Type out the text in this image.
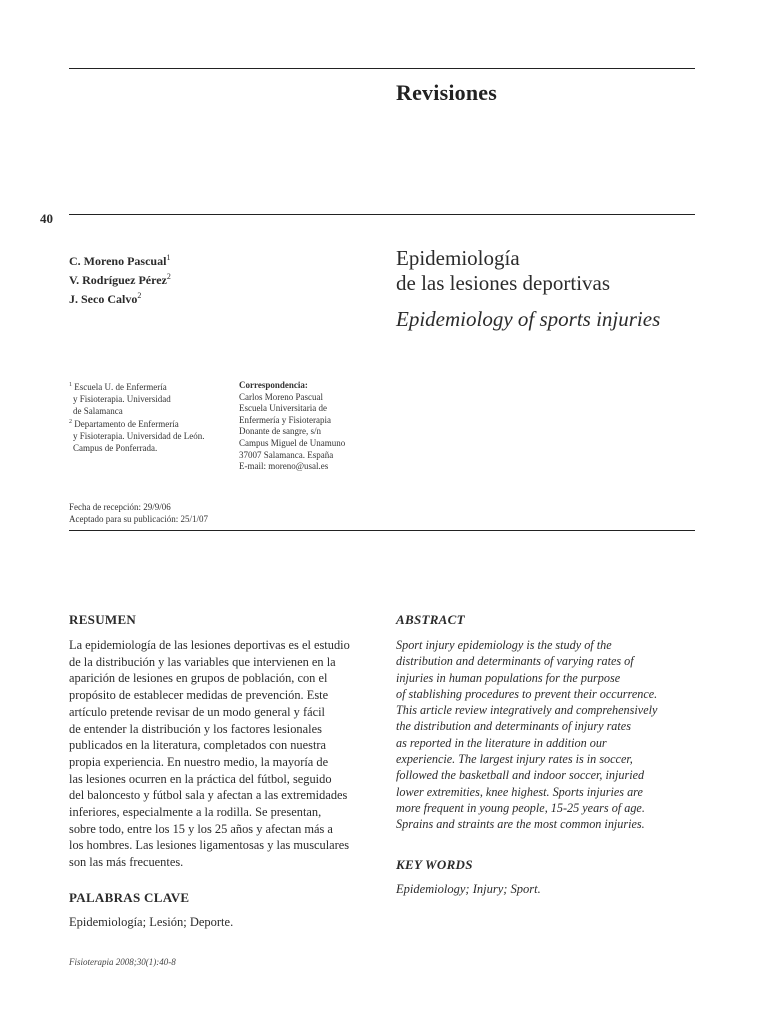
Revisiones
40
C. Moreno Pascual$^1$
V. Rodríguez Pérez$^2$
J. Seco Calvo$^2$
Epidemiología
de las lesiones deportivas
Epidemiology of sports injuries
$^1$ Escuela U. de Enfermería
y Fisioterapia. Universidad
de Salamanca
$^2$ Departamento de Enfermería
y Fisioterapia. Universidad de León.
Campus de Ponferrada.
Correspondencia:
Carlos Moreno Pascual
Escuela Universitaria de
Enfermería y Fisioterapia
Donante de sangre, s/n
Campus Miguel de Unamuno
37007 Salamanca. España
E-mail: moreno@usal.es
Fecha de recepción: 29/9/06
Aceptado para su publicación: 25/1/07
RESUMEN
La epidemiología de las lesiones deportivas es el estudio
de la distribución y las variables que intervienen en la
aparición de lesiones en grupos de población, con el
propósito de establecer medidas de prevención. Este
artículo pretende revisar de un modo general y fácil
de entender la distribución y los factores lesionales
publicados en la literatura, completados con nuestra
propia experiencia. En nuestro medio, la mayoría de
las lesiones ocurren en la práctica del fútbol, seguido
del baloncesto y fútbol sala y afectan a las extremidades
inferiores, especialmente a la rodilla. Se presentan,
sobre todo, entre los 15 y los 25 años y afectan más a
los hombres. Las lesiones ligamentosas y las musculares
son las más frecuentes.
ABSTRACT
Sport injury epidemiology is the study of the
distribution and determinants of varying rates of
injuries in human populations for the purpose
of stablishing procedures to prevent their occurrence.
This article review integratively and comprehensively
the distribution and determinants of injury rates
as reported in the literature in addition our
experiencie. The largest injury rates is in soccer,
followed the basketball and indoor soccer, injuried
lower extremities, knee highest. Sports injuries are
more frequent in young people, 15-25 years of age.
Sprains and straints are the most common injuries.
KEY WORDS
Epidemiology; Injury; Sport.
PALABRAS CLAVE
Epidemiología; Lesión; Deporte.
Fisioterapia 2008;30(1):40-8
